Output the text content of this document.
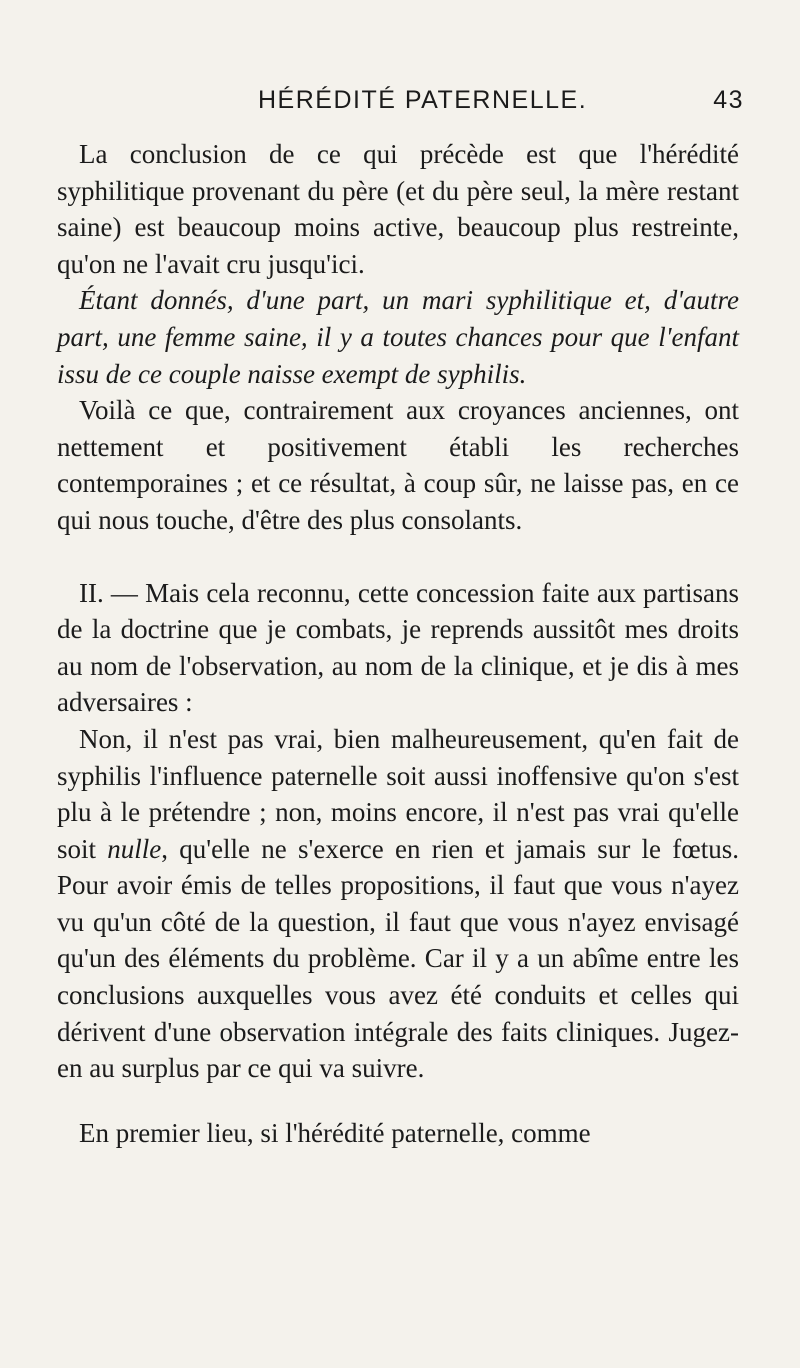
HÉRÉDITÉ PATERNELLE.	43

La conclusion de ce qui précède est que l'hérédité syphilitique provenant du père (et du père seul, la mère restant saine) est beaucoup moins active, beaucoup plus restreinte, qu'on ne l'avait cru jusqu'ici.

Étant donnés, d'une part, un mari syphilitique et, d'autre part, une femme saine, il y a toutes chances pour que l'enfant issu de ce couple naisse exempt de syphilis.

Voilà ce que, contrairement aux croyances anciennes, ont nettement et positivement établi les recherches contemporaines ; et ce résultat, à coup sûr, ne laisse pas, en ce qui nous touche, d'être des plus consolants.

II. — Mais cela reconnu, cette concession faite aux partisans de la doctrine que je combats, je reprends aussitôt mes droits au nom de l'observation, au nom de la clinique, et je dis à mes adversaires :

Non, il n'est pas vrai, bien malheureusement, qu'en fait de syphilis l'influence paternelle soit aussi inoffensive qu'on s'est plu à le prétendre ; non, moins encore, il n'est pas vrai qu'elle soit nulle, qu'elle ne s'exerce en rien et jamais sur le fœtus. Pour avoir émis de telles propositions, il faut que vous n'ayez vu qu'un côté de la question, il faut que vous n'ayez envisagé qu'un des éléments du problème. Car il y a un abîme entre les conclusions auxquelles vous avez été conduits et celles qui dérivent d'une observation intégrale des faits cliniques. Jugez-en au surplus par ce qui va suivre.

En premier lieu, si l'hérédité paternelle, comme
